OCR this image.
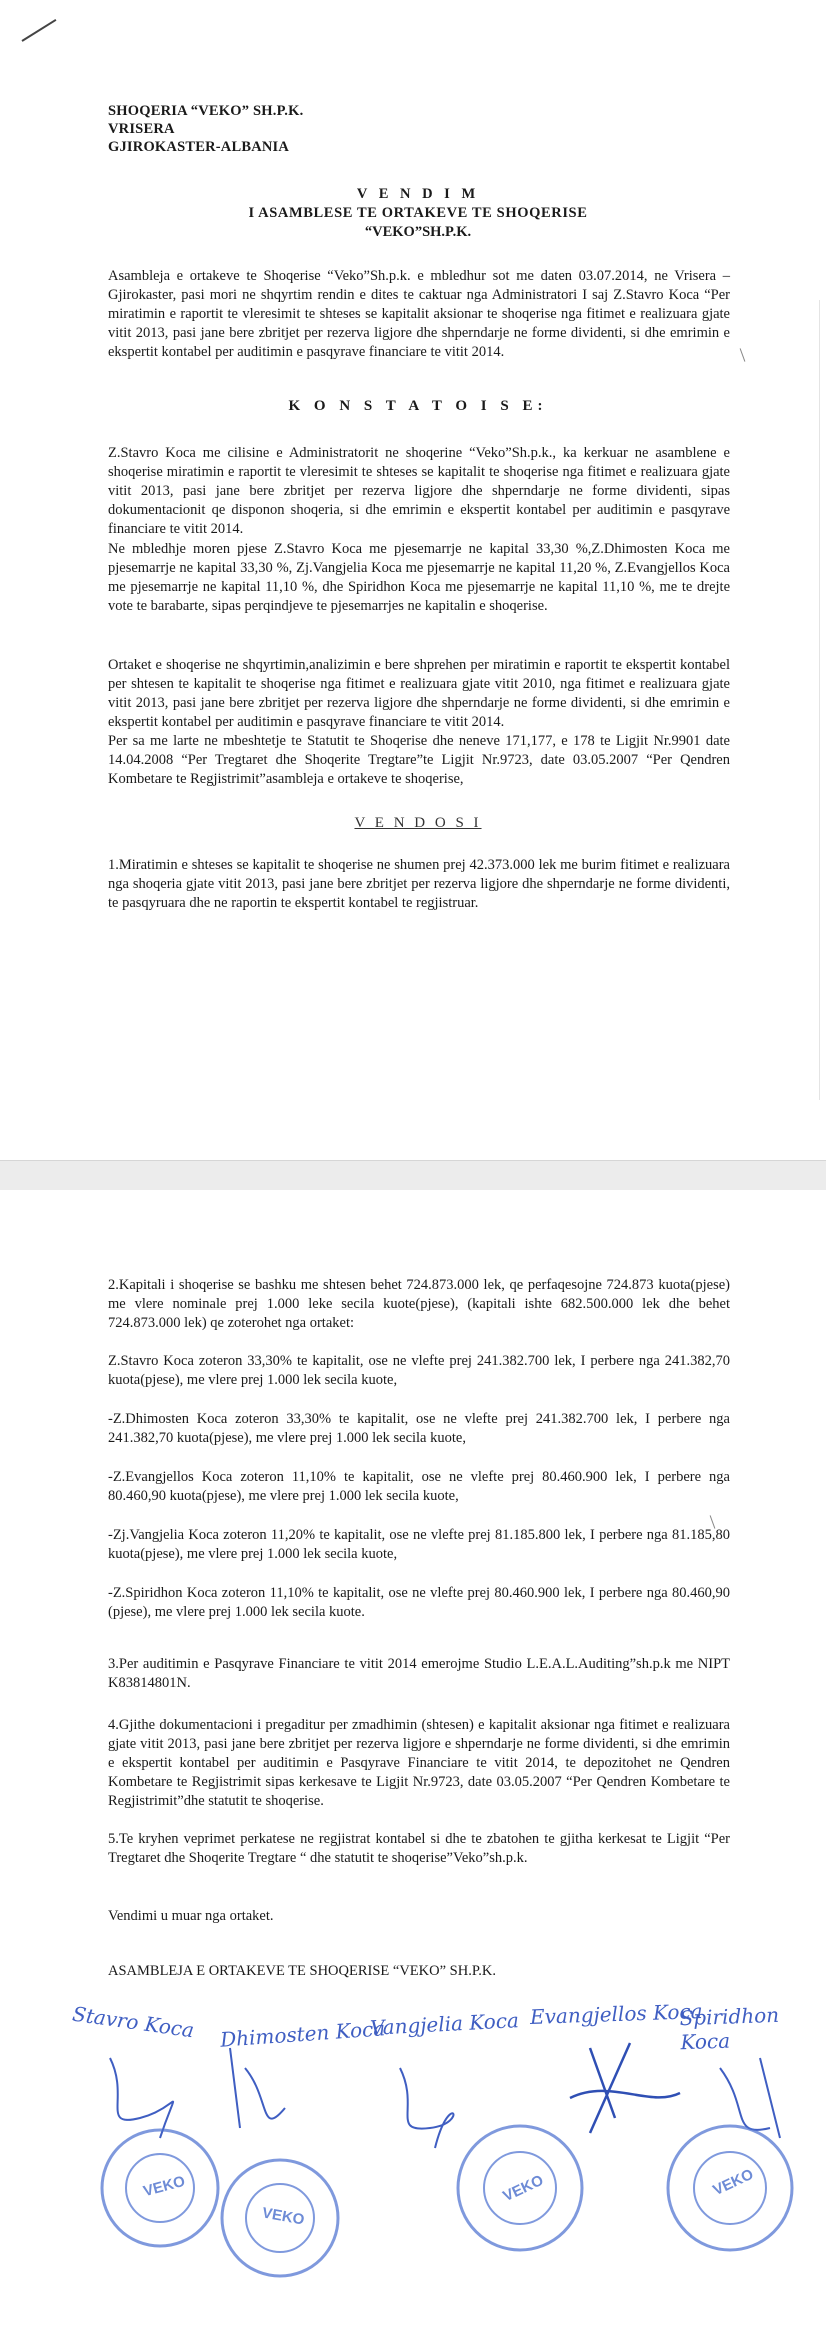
SHOQERIA “VEKO” SH.P.K.
VRISERA
GJIROKASTER-ALBANIA
V E N D I M
I ASAMBLESE TE ORTAKEVE TE SHOQERISE
“VEKO”SH.P.K.

Asambleja e ortakeve te Shoqerise “Veko”Sh.p.k. e mbledhur sot me daten 03.07.2014, ne Vrisera – Gjirokaster, pasi mori ne shqyrtim rendin e dites te caktuar nga Administratori I saj Z.Stavro Koca “Per miratimin e raportit te vleresimit te shteses se kapitalit aksionar te shoqerise nga fitimet e realizuara gjate vitit 2013, pasi jane bere zbritjet per rezerva ligjore dhe shperndarje ne forme dividenti, si dhe emrimin e ekspertit kontabel per auditimin e pasqyrave financiare te vitit 2014.

K O N S T A T O I S E:

Z.Stavro Koca me cilisine e Administratorit ne shoqerine “Veko”Sh.p.k., ka kerkuar ne asamblene e shoqerise miratimin e raportit te vleresimit te shteses se kapitalit te shoqerise nga fitimet e realizuara gjate vitit 2013, pasi jane bere zbritjet per rezerva ligjore dhe shperndarje ne forme dividenti, sipas dokumentacionit qe disponon shoqeria, si dhe emrimin e ekspertit kontabel per auditimin e pasqyrave financiare te vitit 2014.

Ne mbledhje moren pjese Z.Stavro Koca me pjesemarrje ne kapital 33,30 %,Z.Dhimosten Koca me pjesemarrje ne kapital 33,30 %, Zj.Vangjelia Koca me pjesemarrje ne kapital 11,20 %, Z.Evangjellos Koca me pjesemarrje ne kapital 11,10 %, dhe Spiridhon Koca me pjesemarrje ne kapital 11,10 %, me te drejte vote te barabarte, sipas perqindjeve te pjesemarrjes ne kapitalin e shoqerise.

Ortaket e shoqerise ne shqyrtimin,analizimin e bere shprehen per miratimin e raportit te ekspertit kontabel per shtesen te kapitalit te shoqerise nga fitimet e realizuara gjate vitit 2010, nga fitimet e realizuara gjate vitit 2013, pasi jane bere zbritjet per rezerva ligjore dhe shperndarje ne forme dividenti, si dhe emrimin e ekspertit kontabel per auditimin e pasqyrave financiare te vitit 2014.

Per sa me larte ne mbeshtetje te Statutit te Shoqerise dhe neneve 171,177, e 178 te Ligjit Nr.9901 date 14.04.2008 “Per Tregtaret dhe Shoqerite Tregtare”te Ligjit Nr.9723, date 03.05.2007 “Per Qendren Kombetare te Regjistrimit”asambleja e ortakeve te shoqerise,

V E N D O S I

1.Miratimin e shteses se kapitalit te shoqerise ne shumen prej 42.373.000 lek me burim fitimet e realizuara nga shoqeria gjate vitit 2013, pasi jane bere zbritjet per rezerva ligjore dhe shperndarje ne forme dividenti, te pasqyruara dhe ne raportin te ekspertit kontabel te regjistruar.

2.Kapitali i shoqerise se bashku me shtesen behet 724.873.000 lek, qe perfaqesojne 724.873 kuota(pjese) me vlere nominale prej 1.000 leke secila kuote(pjese), (kapitali ishte 682.500.000 lek dhe behet 724.873.000 lek) qe zoterohet nga ortaket:

Z.Stavro Koca zoteron 33,30% te kapitalit, ose ne vlefte prej 241.382.700 lek, I perbere nga 241.382,70 kuota(pjese), me vlere prej 1.000 lek secila kuote,

-Z.Dhimosten Koca zoteron 33,30% te kapitalit, ose ne vlefte prej 241.382.700 lek, I perbere nga 241.382,70 kuota(pjese), me vlere prej 1.000 lek secila kuote,

-Z.Evangjellos Koca zoteron 11,10% te kapitalit, ose ne vlefte prej 80.460.900 lek, I perbere nga 80.460,90 kuota(pjese), me vlere prej 1.000 lek secila kuote,

-Zj.Vangjelia Koca zoteron 11,20% te kapitalit, ose ne vlefte prej 81.185.800 lek, I perbere nga 81.185,80 kuota(pjese), me vlere prej 1.000 lek secila kuote,

-Z.Spiridhon Koca zoteron 11,10% te kapitalit, ose ne vlefte prej 80.460.900 lek, I perbere nga 80.460,90 (pjese), me vlere prej 1.000 lek secila kuote.

3.Per auditimin e Pasqyrave Financiare te vitit 2014 emerojme Studio L.E.A.L.Auditing”sh.p.k me NIPT K83814801N.

4.Gjithe dokumentacioni i pregaditur per zmadhimin (shtesen) e kapitalit aksionar nga fitimet e realizuara gjate vitit 2013, pasi jane bere zbritjet per rezerva ligjore e shperndarje ne forme dividenti, si dhe emrimin e ekspertit kontabel per auditimin e Pasqyrave Financiare te vitit 2014, te depozitohet ne Qendren Kombetare te Regjistrimit sipas kerkesave te Ligjit Nr.9723, date 03.05.2007 “Per Qendren Kombetare te Regjistrimit”dhe statutit te shoqerise.

5.Te kryhen veprimet perkatese ne regjistrat kontabel si dhe te zbatohen te gjitha kerkesat te Ligjit “Per Tregtaret dhe Shoqerite Tregtare “ dhe statutit te shoqerise”Veko”sh.p.k.

Vendimi u muar nga ortaket.

ASAMBLEJA E ORTAKEVE TE SHOQERISE “VEKO” SH.P.K.

Stavro Koca Dhimosten Koca
Vangjelia Koca Evangjellos Koca
Spiridhon Koca
VEKO
VEKO
VEKO	VEKO
